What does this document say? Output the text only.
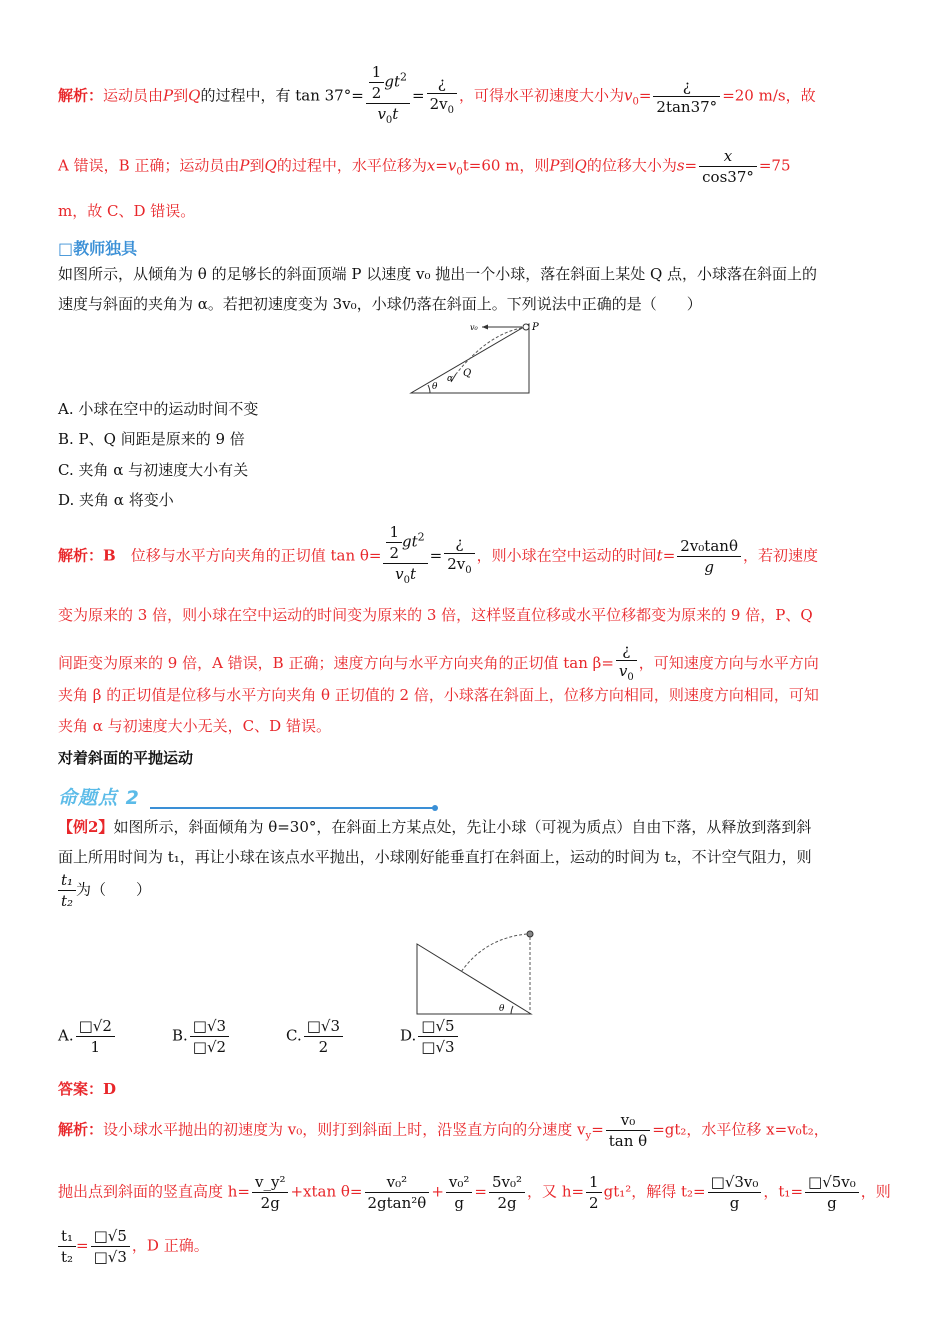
解析：运动员由P到Q的过程中，有 $\tan 37^\circ= \frac{\frac{1}{2} gt^2}{v_0t} = \frac{¿}{2v_0}$ ，可得水平初速度大小为$v_0= \frac{¿}{2\tan 37^\circ} =20$ m/s，故
A 错误，B 正确；运动员由P到Q的过程中，水平位移为$x=v_0t=60$ m，则P到Q的位移大小为$s= \frac{x}{\cos 37^\circ} =75$
m，故 C、D 错误。
□教师独具
如图所示，从倾角为 θ 的足够长的斜面顶端 P 以速度 v₀ 抛出一个小球，落在斜面上某处 Q 点，小球落在斜面上的
速度与斜面的夹角为 α。若把初速度变为 3v₀，小球仍落在斜面上。下列说法中正确的是（　　）
v₀	P
Q
α
θ
A. 小球在空中的运动时间不变
B. P、Q 间距是原来的 9 倍
C. 夹角 α 与初速度大小有关
D. 夹角 α 将变小
解析：B　 位移与水平方向夹角的正切值 $\tan \theta= \frac{\frac{1}{2} gt^2}{v_0t} = \frac{¿}{2v_0}$ ，则小球在空中运动的时间$t= \frac{\text{2v₀tanθ}}{g}$ ，若初速度
变为原来的 3 倍，则小球在空中运动的时间变为原来的 3 倍，这样竖直位移或水平位移都变为原来的 9 倍，P、Q
间距变为原来的 9 倍，A 错误，B 正确；速度方向与水平方向夹角的正切值 $\tan \beta= \frac{¿}{v_0}$ ，可知速度方向与水平方向
夹角 β 的正切值是位移与水平方向夹角 θ 正切值的 2 倍，小球落在斜面上，位移方向相同，则速度方向相同，可知
夹角 α 与初速度大小无关，C、D 错误。
对着斜面的平抛运动
命题点 2
【例2】如图所示，斜面倾角为 θ=30°，在斜面上方某点处，先让小球（可视为质点）自由下落，从释放到落到斜
面上所用时间为 t₁，再让小球在该点水平抛出，小球刚好能垂直打在斜面上，运动的时间为 t₂，不计空气阻力，则
$\frac{\text{t₁}}{\text{t₂}}$ 为（　　）
θ
A. $\frac{□√2}{1}$	B. $\frac{□√3}{□√2}$	C. $\frac{□√3}{2}$	D. $\frac{□√5}{□√3}$
答案：D
解析：设小球水平抛出的初速度为 v₀，则打到斜面上时，沿竖直方向的分速度 $v_y= \frac{\text{v₀}}{\text{tan θ}} =gt_2$，水平位移 x=v₀t₂，
抛出点到斜面的竖直高度 $h= \frac{\text{v\_y²}}{2g} +xtan$ $\theta= \frac{\text{v₀²}}{\text{2gtan²θ}} + \frac{\text{v₀²}}{g} = \frac{\text{5v₀²}}{2g}$ ，又 $h= \frac{1}{2} gt_1^2$，解得 $t_2= \frac{\text{□√3v₀}}{g}$ ，$t_1= \frac{\text{□√5v₀}}{g}$ ，则
$\frac{\text{t₁}}{\text{t₂}} = \frac{□√5}{□√3}$ ，D 正确。
